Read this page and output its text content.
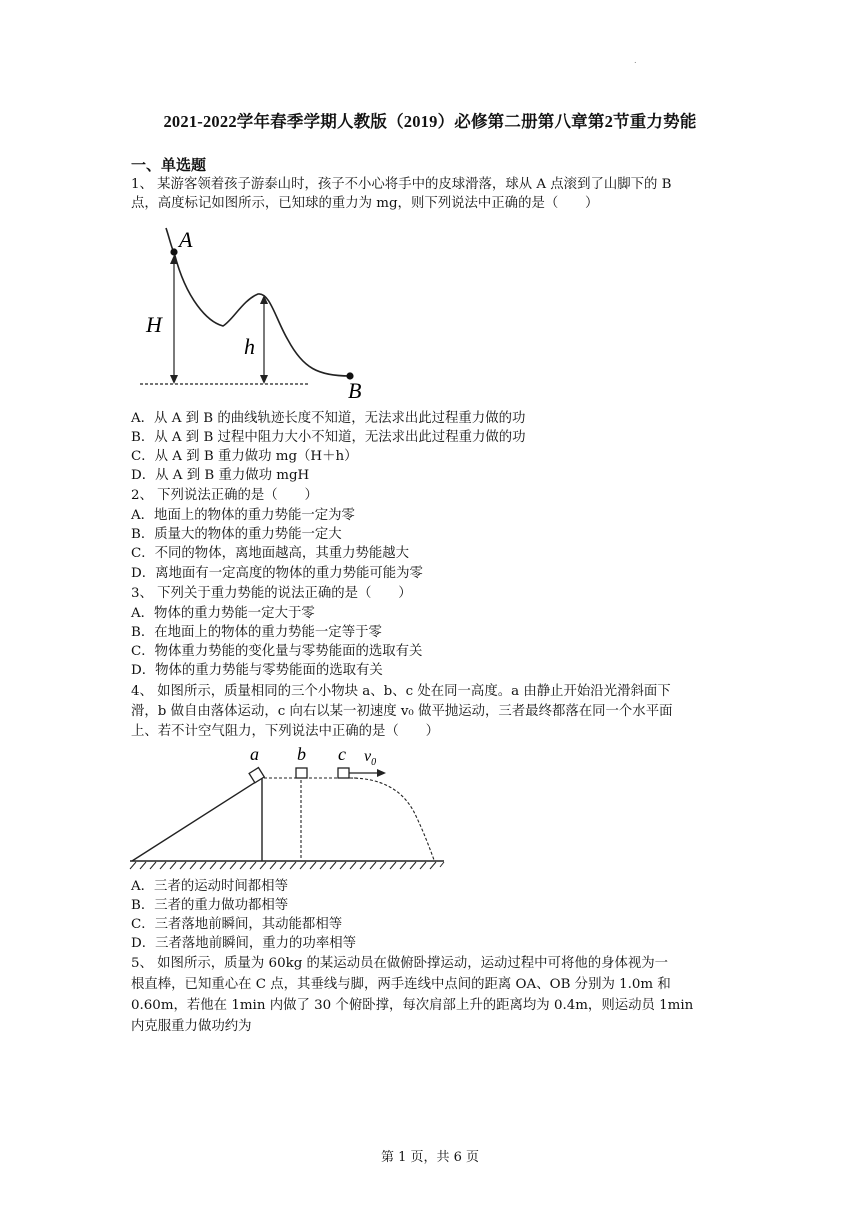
.
2021-2022学年春季学期人教版（2019）必修第二册第八章第2节重力势能
一、单选题
1、 某游客领着孩子游泰山时，孩子不小心将手中的皮球滑落，球从 A 点滚到了山脚下的 B
点，高度标记如图所示，已知球的重力为 mg，则下列说法中正确的是（　　）
A
B
H
h
A．从 A 到 B 的曲线轨迹长度不知道，无法求出此过程重力做的功
B．从 A 到 B 过程中阻力大小不知道，无法求出此过程重力做的功
C．从 A 到 B 重力做功 mg（H＋h）
D．从 A 到 B 重力做功 mgH
2、 下列说法正确的是（　　）
A．地面上的物体的重力势能一定为零
B．质量大的物体的重力势能一定大
C．不同的物体，离地面越高，其重力势能越大
D．离地面有一定高度的物体的重力势能可能为零
3、 下列关于重力势能的说法正确的是（　　）
A．物体的重力势能一定大于零
B．在地面上的物体的重力势能一定等于零
C．物体重力势能的变化量与零势能面的选取有关
D．物体的重力势能与零势能面的选取有关
4、 如图所示，质量相同的三个小物块 a、b、c 处在同一高度。a 由静止开始沿光滑斜面下
滑，b 做自由落体运动，c 向右以某一初速度 v₀ 做平抛运动，三者最终都落在同一个水平面
上、若不计空气阻力，下列说法中正确的是（　　）
a b c $v_0$
A．三者的运动时间都相等
B．三者的重力做功都相等
C．三者落地前瞬间，其动能都相等
D．三者落地前瞬间，重力的功率相等
5、 如图所示，质量为 60kg 的某运动员在做俯卧撑运动，运动过程中可将他的身体视为一
根直棒，已知重心在 C 点，其垂线与脚，两手连线中点间的距离 OA、OB 分别为 1.0m 和
0.60m，若他在 1min 内做了 30 个俯卧撑，每次肩部上升的距离均为 0.4m，则运动员 1min
内克服重力做功约为
第 1 页，共 6 页
